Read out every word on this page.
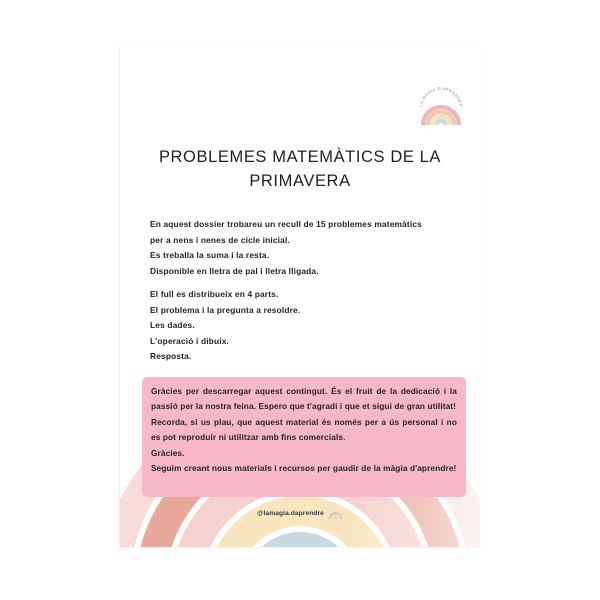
LA MÀGIA D'APRENDRE
PROBLEMES MATEMÀTICS DE LA
PRIMAVERA
En aquest dossier trobareu un recull de 15 problemes matemàtics
per a nens i nenes de cicle inicial.
Es treballa la suma i la resta.
Disponible en lletra de pal i lletra lligada.
El full es distribueix en 4 parts.
El problema i la pregunta a resoldre.
Les dades.
L'operació i dibuix.
Resposta.

Gràcies per descarregar aquest contingut. És el fruit de la dedicació i la passió per la nostra feina. Espero que t'agradi i que et sigui de gran utilitat!

Recorda, si us plau, que aquest material és només per a ús personal i no es pot reproduir ni utilitzar amb fins comercials.

Gràcies.

Seguim creant nous materials i recursos per gaudir de la màgia d'aprendre!

@lamagia.daprendre
